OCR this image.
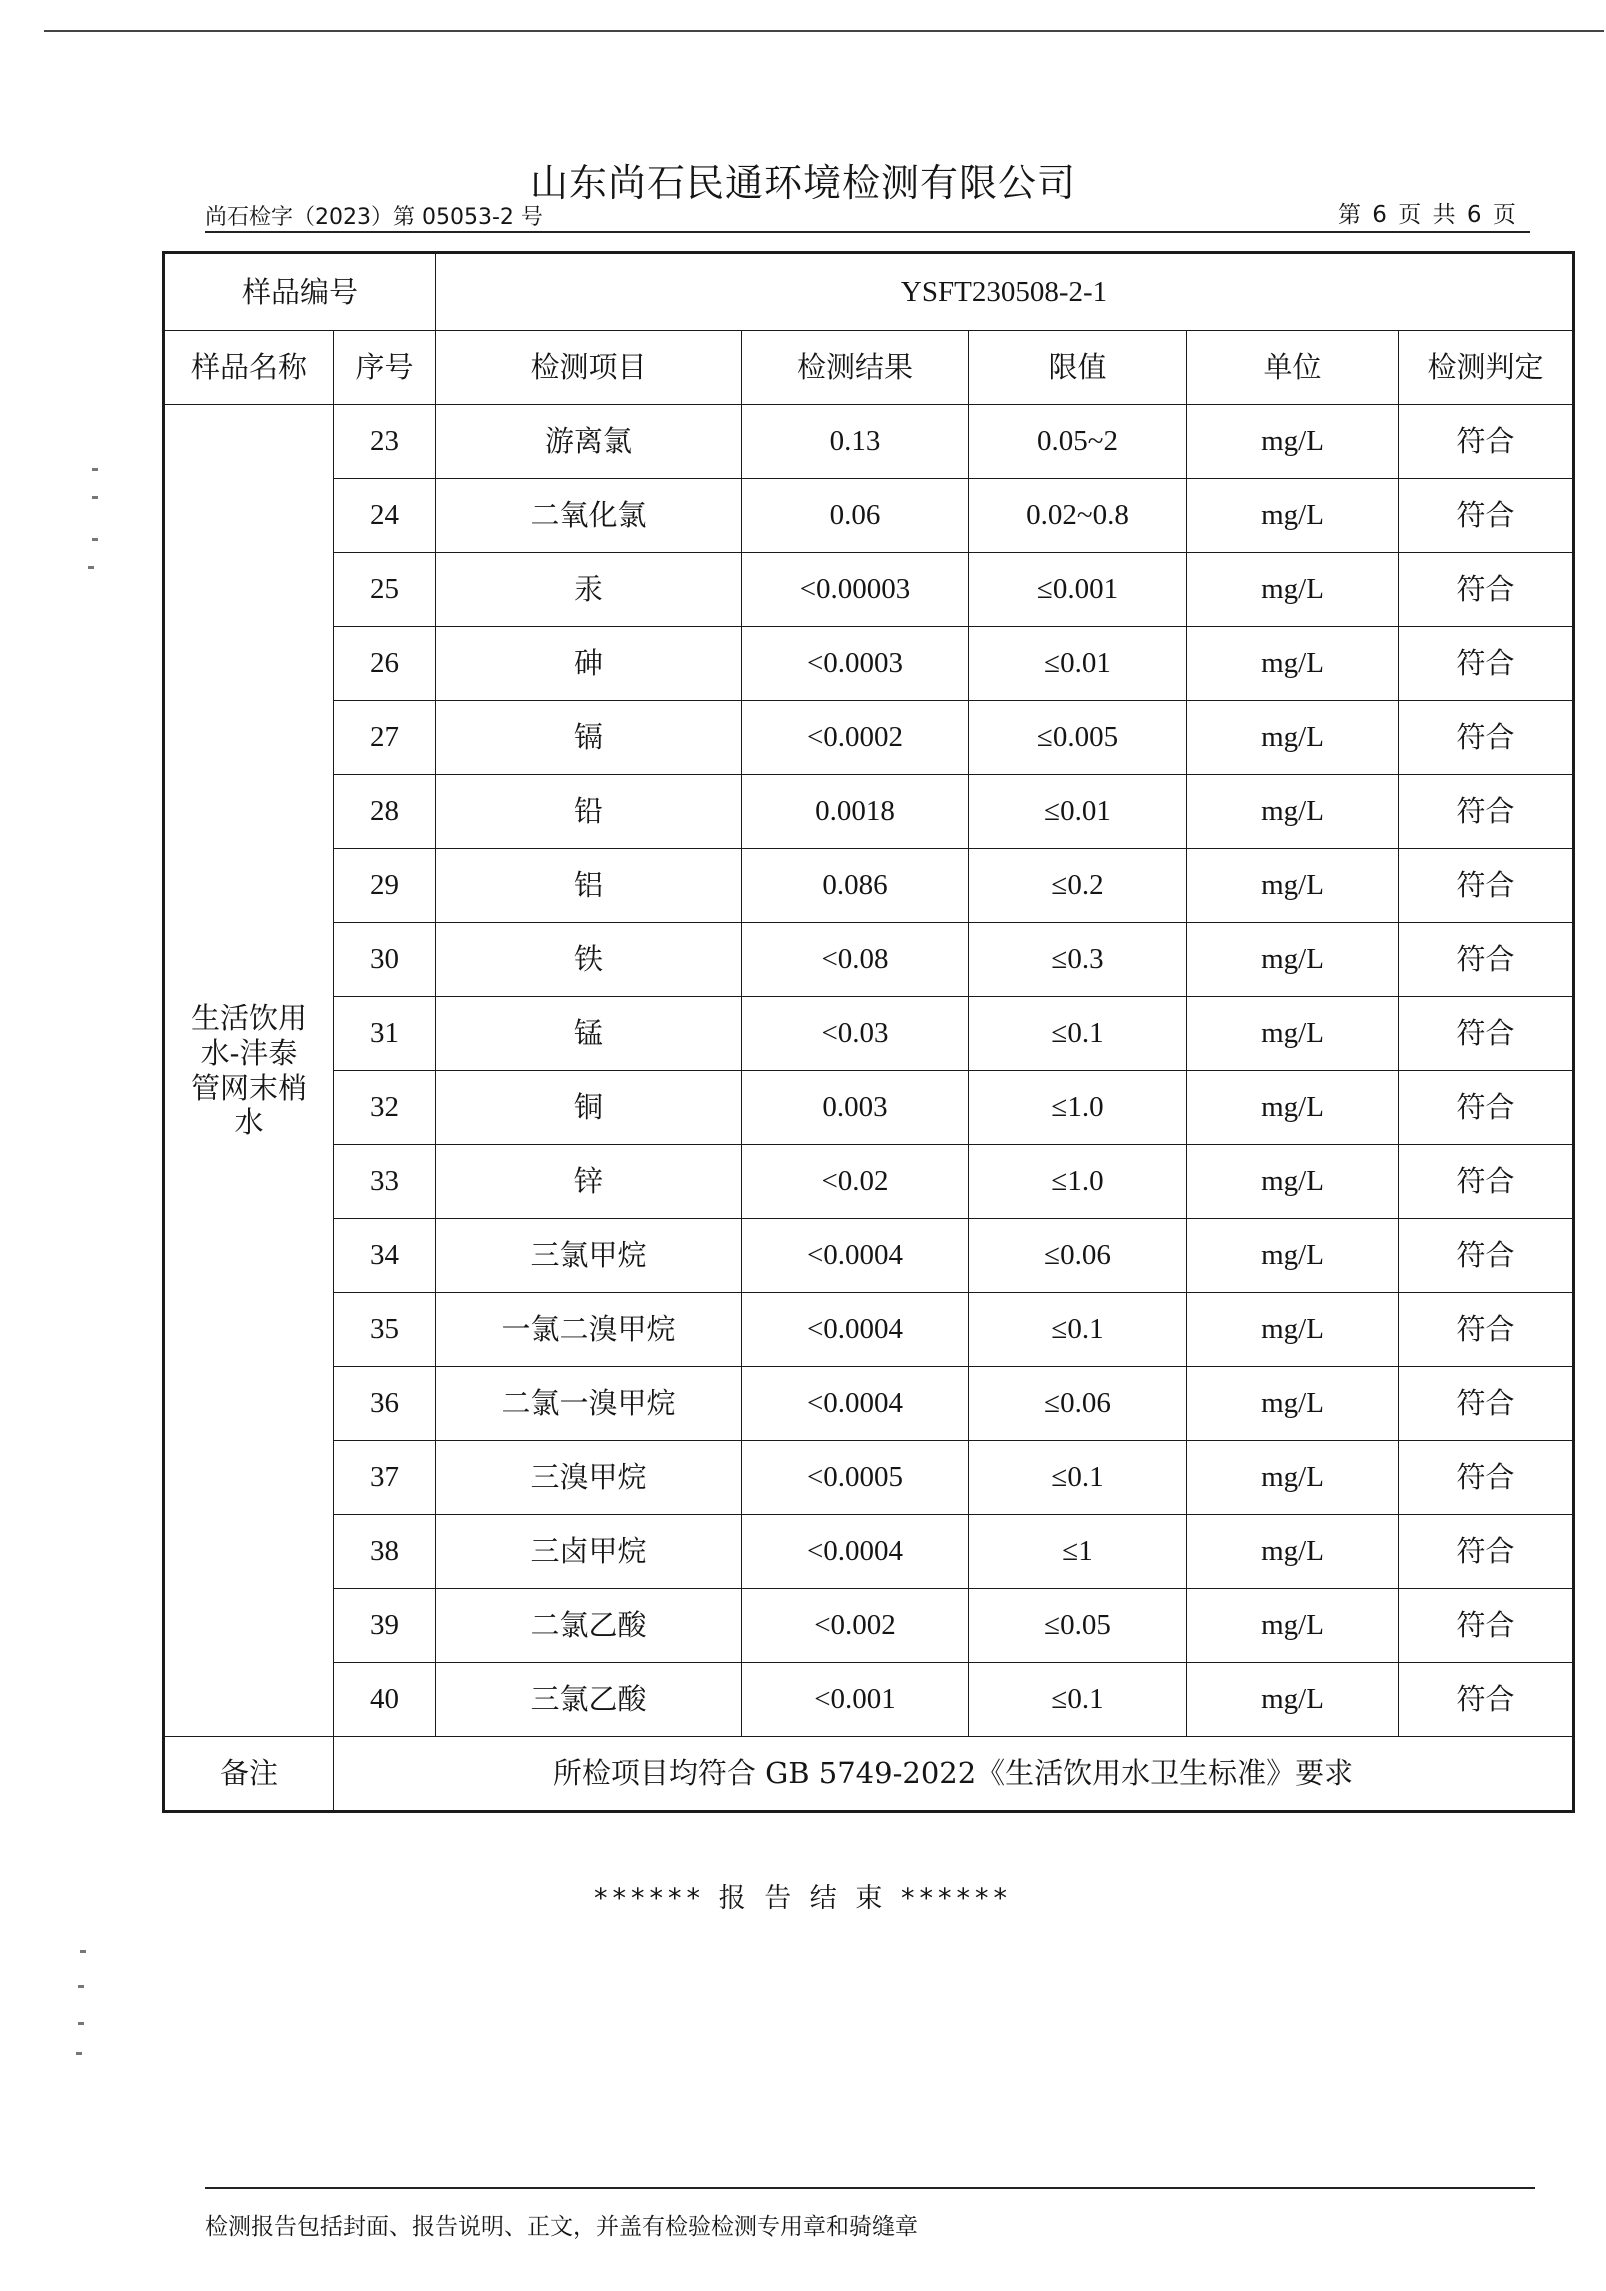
山东尚石民通环境检测有限公司
尚石检字（2023）第 05053-2 号	第 6 页 共 6 页
样品编号		YSFT230508-2-1				
样品名称	序号	检测项目	检测结果	限值	单位	检测判定

生活饮用
水-沣泰
管网末梢
水	23	游离氯	0.13	0.05~2	mg/L	符合
	24	二氧化氯	0.06	0.02~0.8	mg/L	符合
	25	汞	<0.00003	≤0.001	mg/L	符合
	26	砷	<0.0003	≤0.01	mg/L	符合
	27	镉	<0.0002	≤0.005	mg/L	符合
	28	铅	0.0018	≤0.01	mg/L	符合
	29	铝	0.086	≤0.2	mg/L	符合
	30	铁	<0.08	≤0.3	mg/L	符合
	31	锰	<0.03	≤0.1	mg/L	符合
	32	铜	0.003	≤1.0	mg/L	符合
	33	锌	<0.02	≤1.0	mg/L	符合
	34	三氯甲烷	<0.0004	≤0.06	mg/L	符合
	35	一氯二溴甲烷	<0.0004	≤0.1	mg/L	符合
	36	二氯一溴甲烷	<0.0004	≤0.06	mg/L	符合
	37	三溴甲烷	<0.0005	≤0.1	mg/L	符合
	38	三卤甲烷	<0.0004	≤1	mg/L	符合
	39	二氯乙酸	<0.002	≤0.05	mg/L	符合
	40	三氯乙酸	<0.001	≤0.1	mg/L	符合
备注	所检项目均符合 GB 5749-2022《生活饮用水卫生标准》要求					
****** 报 告 结 束 ******
检测报告包括封面、报告说明、正文，并盖有检验检测专用章和骑缝章
